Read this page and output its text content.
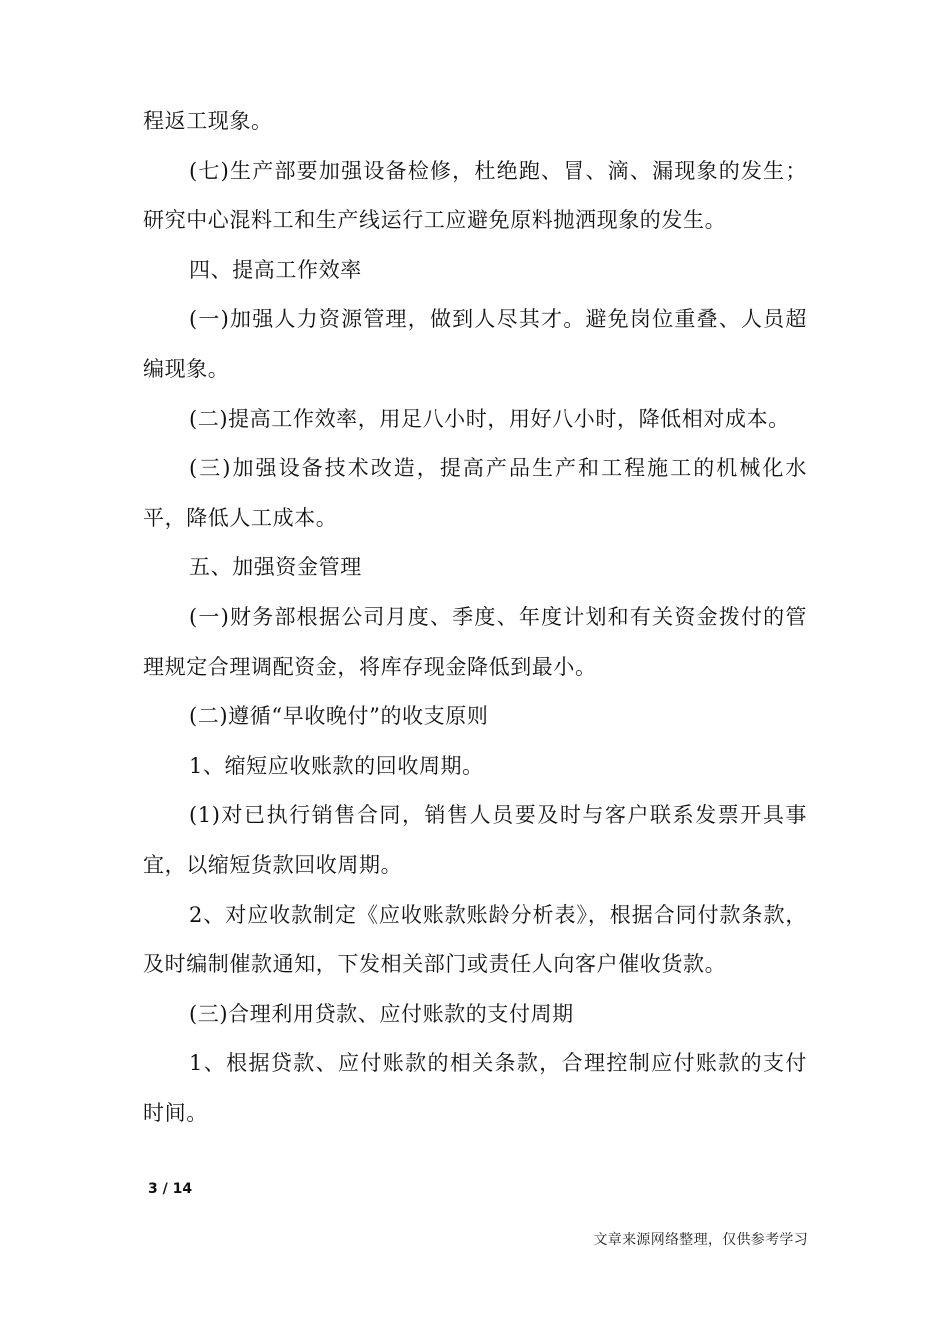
程返工现象。

(七)生产部要加强设备检修，杜绝跑、冒、滴、漏现象的发生；研究中心混料工和生产线运行工应避免原料抛洒现象的发生。

四、提高工作效率

(一)加强人力资源管理，做到人尽其才。避免岗位重叠、人员超编现象。

(二)提高工作效率，用足八小时，用好八小时，降低相对成本。

(三)加强设备技术改造，提高产品生产和工程施工的机械化水平，降低人工成本。

五、加强资金管理

(一)财务部根据公司月度、季度、年度计划和有关资金拨付的管理规定合理调配资金，将库存现金降低到最小。

(二)遵循“早收晚付”的收支原则

1、缩短应收账款的回收周期。

(1)对已执行销售合同，销售人员要及时与客户联系发票开具事宜，以缩短货款回收周期。

2、对应收款制定《应收账款账龄分析表》，根据合同付款条款，及时编制催款通知，下发相关部门或责任人向客户催收货款。

(三)合理利用贷款、应付账款的支付周期

1、根据贷款、应付账款的相关条款，合理控制应付账款的支付时间。

3 / 14
文章来源网络整理，仅供参考学习
